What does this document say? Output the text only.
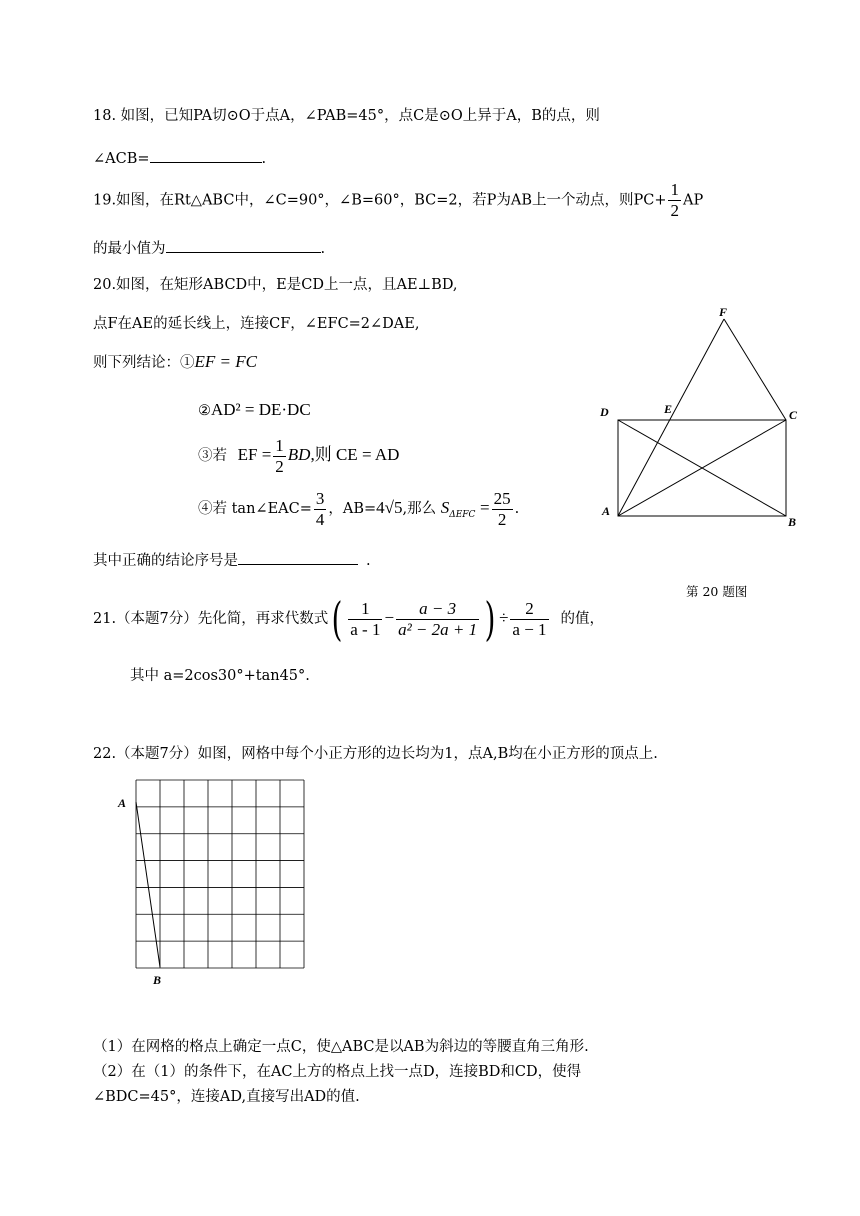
18. 如图，已知PA切⊙O于点A，∠PAB=45°，点C是⊙O上异于A，B的点，则
∠ACB=	.
19.如图，在Rt△ABC中，∠C=90°，∠B=60°，BC=2，若P为AB上一个动点，则$PC+ \frac{1}{2}$ AP
的最小值为	.
20.如图，在矩形ABCD中，E是CD上一点，且AE⊥BD,
点F在AE的延长线上，连接CF，∠EFC=2∠DAE,
则下列结论：①EF = FC
②AD² = DE·DC
③若 EF = $\frac{1}{2}$ BD,则 CE = AD
④若 tan∠EAC= $\frac{3}{4}$ ，AB=4√5,那么 $S_{\Delta EFC} = \frac{25}{2}$ .
其中正确的结论序号是	.
F
D	E	C
A
B
第 20 题图
21.（本题7分）先化简，再求代数式( $\frac{1}{a - 1} - \frac{a - 3}{\text{a² − 2a + 1}}$ ) ÷ $\frac{2}{a - 1}$ 的值，
其中 a=2cos30°+tan45°.
22.（本题7分）如图，网格中每个小正方形的边长均为1，点A,B均在小正方形的顶点上.
A
B
（1）在网格的格点上确定一点C，使△ABC是以AB为斜边的等腰直角三角形.
（2）在（1）的条件下，在AC上方的格点上找一点D，连接BD和CD，使得
∠BDC=45°，连接AD,直接写出AD的值.
